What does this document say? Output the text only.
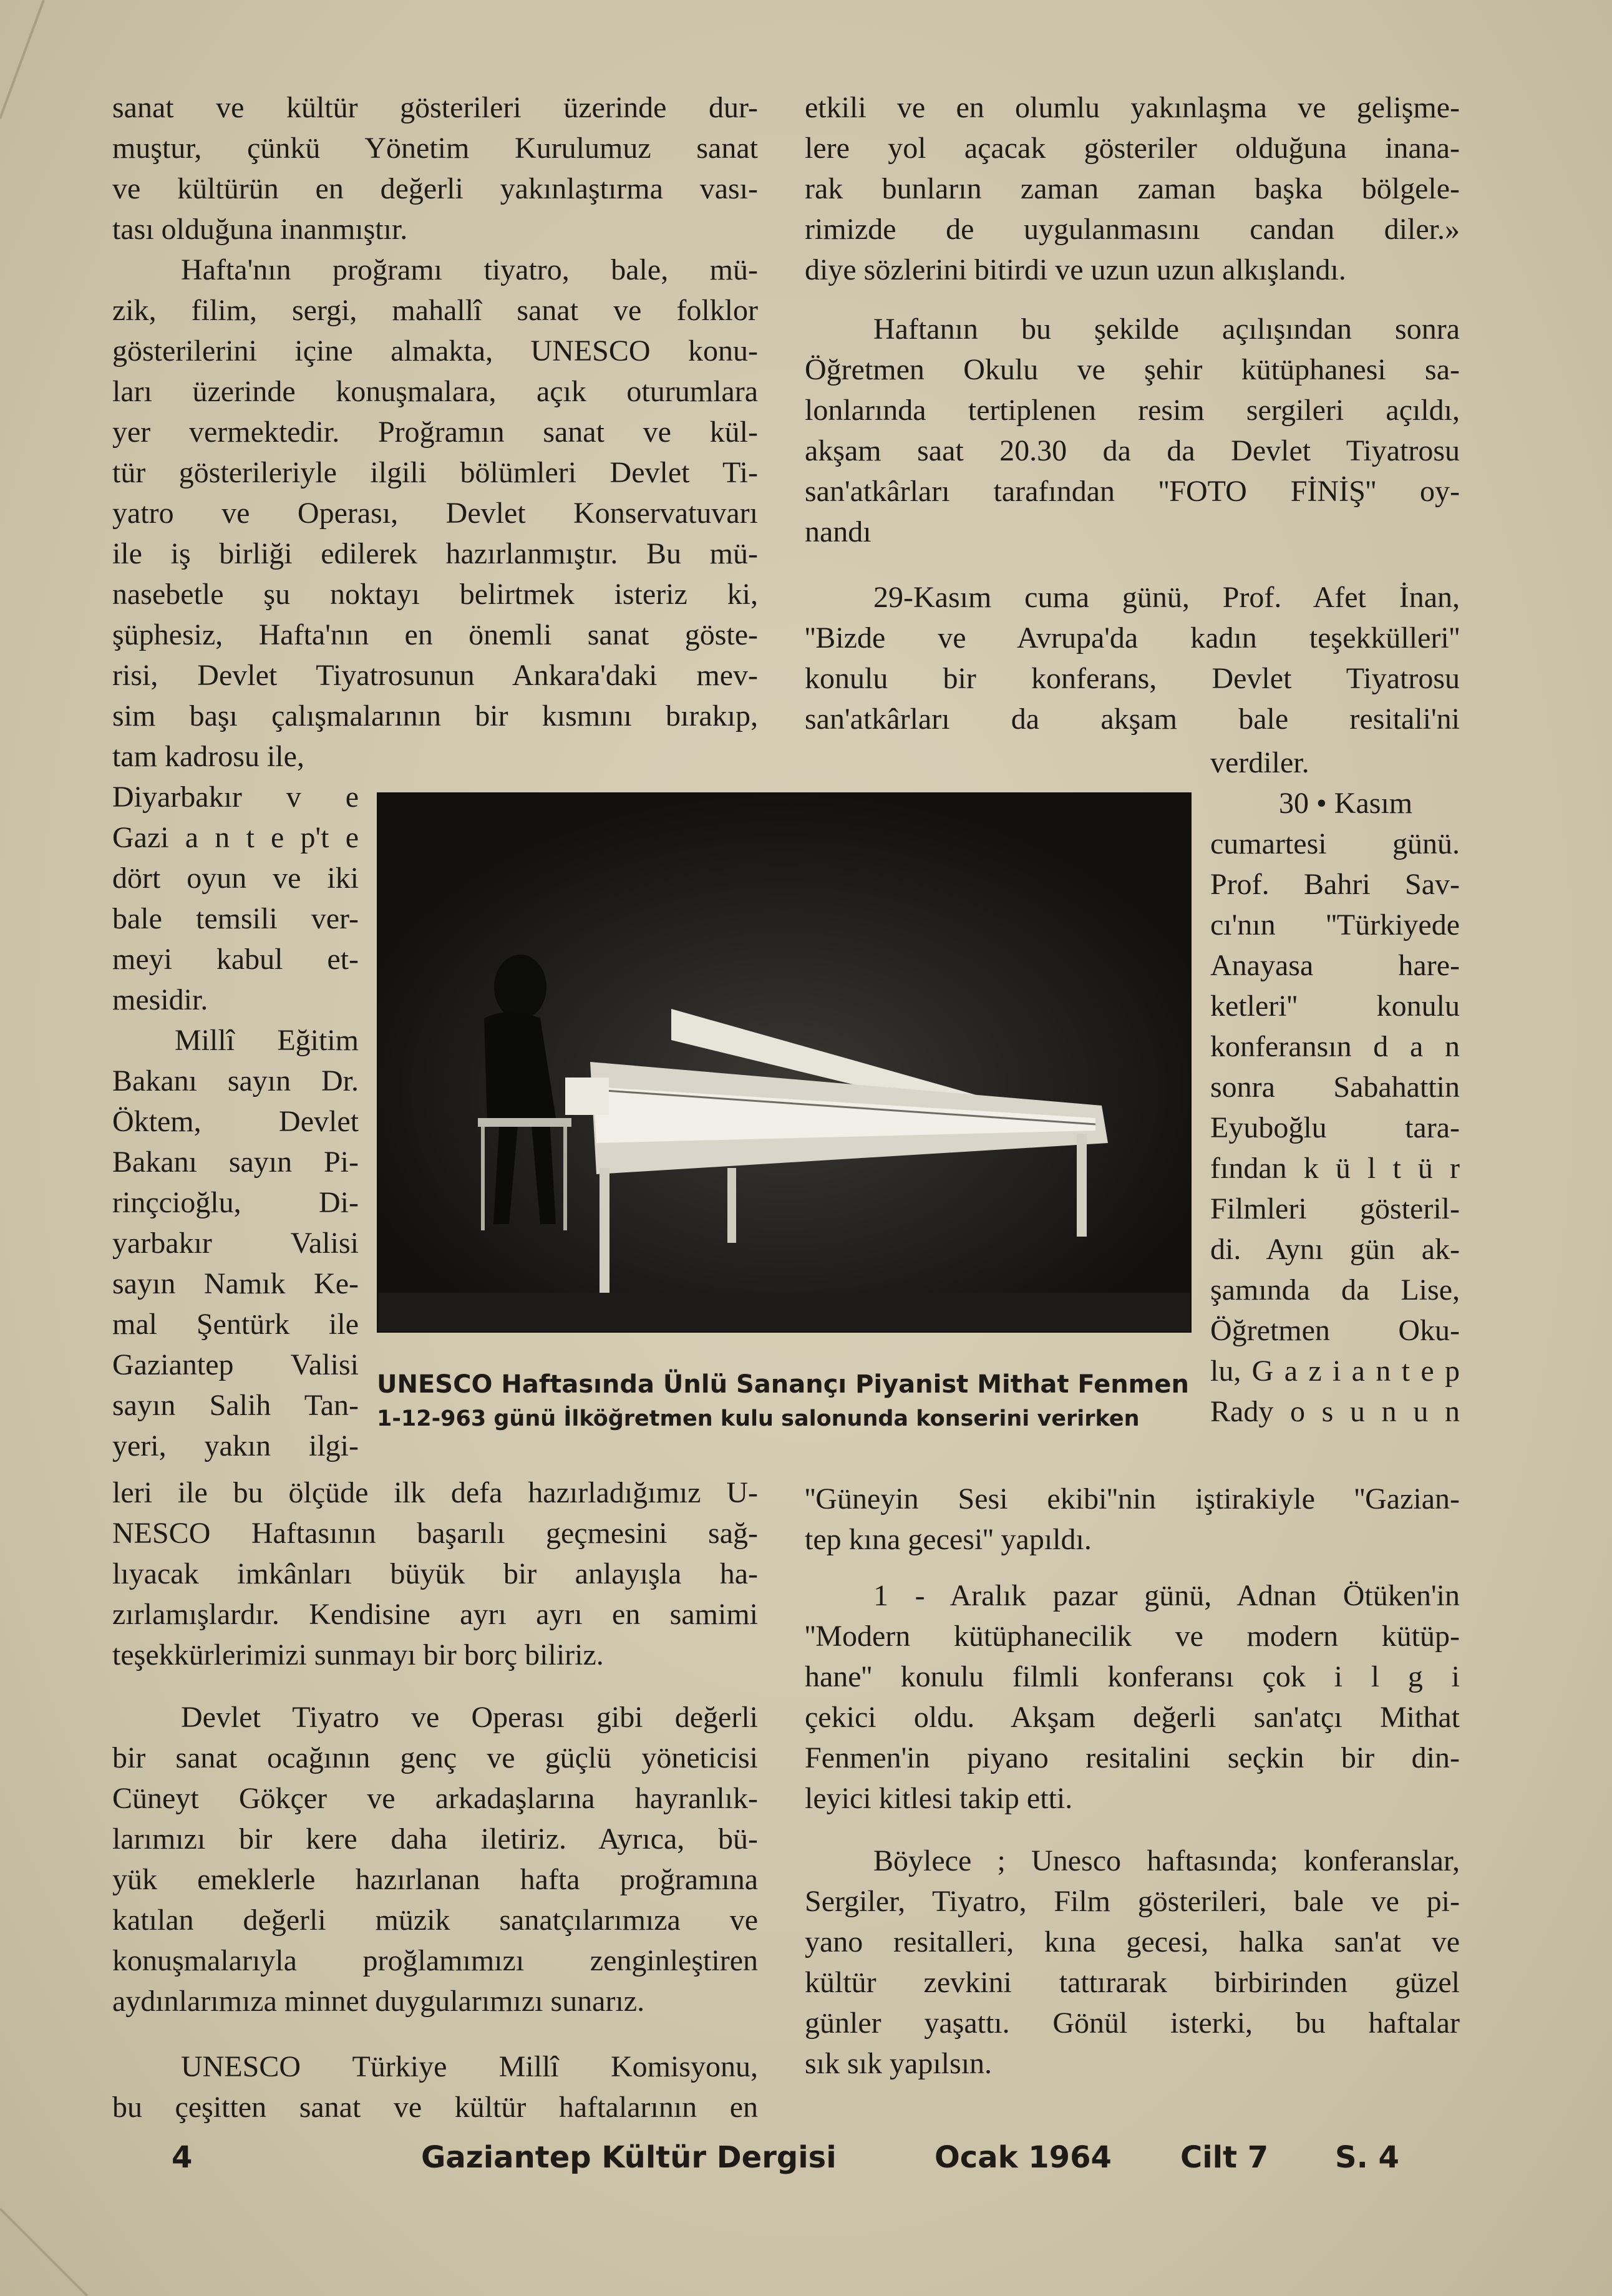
sanat ve kültür gösterileri üzerinde dur-
muştur, çünkü Yönetim Kurulumuz sanat
ve kültürün en değerli yakınlaştırma vası-
tası olduğuna inanmıştır.
Hafta'nın proğramı tiyatro, bale, mü-
zik, filim, sergi, mahallî sanat ve folklor
gösterilerini içine almakta, UNESCO konu-
ları üzerinde konuşmalara, açık oturumlara
yer vermektedir. Proğramın sanat ve kül-
tür gösterileriyle ilgili bölümleri Devlet Ti-
yatro ve Operası, Devlet Konservatuvarı
ile iş birliği edilerek hazırlanmıştır. Bu mü-
nasebetle şu noktayı belirtmek isteriz ki,
şüphesiz, Hafta'nın en önemli sanat göste-
risi, Devlet Tiyatrosunun Ankara'daki mev-
sim başı çalışmalarının bir kısmını bırakıp,
tam kadrosu ile,
Diyarbakır v e
Gazi a n t e p't e
dört oyun ve iki
bale temsili ver-
meyi kabul et-
mesidir.
Millî Eğitim
Bakanı sayın Dr.
Öktem, Devlet
Bakanı sayın Pi-
rinçcioğlu, Di-
yarbakır Valisi
sayın Namık Ke-
mal Şentürk ile
Gaziantep Valisi
sayın Salih Tan-
yeri, yakın ilgi-
leri ile bu ölçüde ilk defa hazırladığımız U-
NESCO Haftasının başarılı geçmesini sağ-
lıyacak imkânları büyük bir anlayışla ha-
zırlamışlardır. Kendisine ayrı ayrı en samimi
teşekkürlerimizi sunmayı bir borç biliriz.
Devlet Tiyatro ve Operası gibi değerli
bir sanat ocağının genç ve güçlü yöneticisi
Cüneyt Gökçer ve arkadaşlarına hayranlık-
larımızı bir kere daha iletiriz. Ayrıca, bü-
yük emeklerle hazırlanan hafta proğramına
katılan değerli müzik sanatçılarımıza ve
konuşmalarıyla proğlamımızı zenginleştiren
aydınlarımıza minnet duygularımızı sunarız.
UNESCO Türkiye Millî Komisyonu,
bu çeşitten sanat ve kültür haftalarının en
etkili ve en olumlu yakınlaşma ve gelişme-
lere yol açacak gösteriler olduğuna inana-
rak bunların zaman zaman başka bölgele-
rimizde de uygulanmasını candan diler.»
diye sözlerini bitirdi ve uzun uzun alkışlandı.
Haftanın bu şekilde açılışından sonra
Öğretmen Okulu ve şehir kütüphanesi sa-
lonlarında tertiplenen resim sergileri açıldı,
akşam saat 20.30 da da Devlet Tiyatrosu
san'atkârları tarafından ''FOTO FİNİŞ'' oy-
nandı
29-Kasım cuma günü, Prof. Afet İnan,
''Bizde ve Avrupa'da kadın teşekkülleri''
konulu bir konferans, Devlet Tiyatrosu
san'atkârları da akşam bale resitali'ni
verdiler.
30 • Kasım
cumartesi günü.
Prof. Bahri Sav-
cı'nın ''Türkiyede
Anayasa hare-
ketleri'' konulu
konferansın d a n
sonra Sabahattin
Eyuboğlu tara-
fından k ü l t ü r
Filmleri gösteril-
di. Aynı gün ak-
şamında da Lise,
Öğretmen Oku-
lu, G a z i a n t e p
Rady o s u n u n
''Güneyin Sesi ekibi''nin iştirakiyle ''Gazian-
tep kına gecesi'' yapıldı.
1 - Aralık pazar günü, Adnan Ötüken'in
''Modern kütüphanecilik ve modern kütüp-
hane'' konulu filmli konferansı çok i l g i
çekici oldu. Akşam değerli san'atçı Mithat
Fenmen'in piyano resitalini seçkin bir din-
leyici kitlesi takip etti.
Böylece ; Unesco haftasında; konferanslar,
Sergiler, Tiyatro, Film gösterileri, bale ve pi-
yano resitalleri, kına gecesi, halka san'at ve
kültür zevkini tattırarak birbirinden güzel
günler yaşattı. Gönül isterki, bu haftalar
sık sık yapılsın.
UNESCO Haftasında Ünlü Sanançı Piyanist Mithat Fenmen
1-12-963 günü İlköğretmen kulu salonunda konserini verirken
4	Gaziantep Kültür Dergisi	Ocak 1964 Cilt 7 S. 4
